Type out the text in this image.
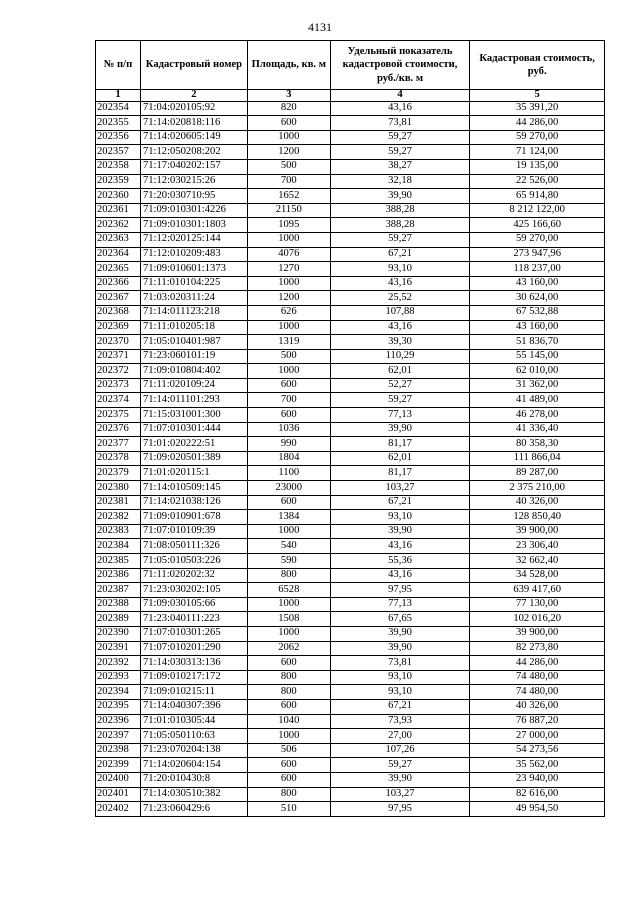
4131
№ п/п	Кадастровый номер	Площадь, кв. м	Удельный показатель кадастровой стоимости, руб./кв. м	Кадастровая стоимость, руб.
1	2	3	4	5
202354	71:04:020105:92	820	43,16	35 391,20
202355	71:14:020818:116	600	73,81	44 286,00
202356	71:14:020605:149	1000	59,27	59 270,00
202357	71:12:050208:202	1200	59,27	71 124,00
202358	71:17:040202:157	500	38,27	19 135,00
202359	71:12:030215:26	700	32,18	22 526,00
202360	71:20:030710:95	1652	39,90	65 914,80
202361	71:09:010301:4226	21150	388,28	8 212 122,00
202362	71:09:010301:1803	1095	388,28	425 166,60
202363	71:12:020125:144	1000	59,27	59 270,00
202364	71:12:010209:483	4076	67,21	273 947,96
202365	71:09:010601:1373	1270	93,10	118 237,00
202366	71:11:010104:225	1000	43,16	43 160,00
202367	71:03:020311:24	1200	25,52	30 624,00
202368	71:14:011123:218	626	107,88	67 532,88
202369	71:11:010205:18	1000	43,16	43 160,00
202370	71:05:010401:987	1319	39,30	51 836,70
202371	71:23:060101:19	500	110,29	55 145,00
202372	71:09:010804:402	1000	62,01	62 010,00
202373	71:11:020109:24	600	52,27	31 362,00
202374	71:14:011101:293	700	59,27	41 489,00
202375	71:15:031001:300	600	77,13	46 278,00
202376	71:07:010301:444	1036	39,90	41 336,40
202377	71:01:020222:51	990	81,17	80 358,30
202378	71:09:020501:389	1804	62,01	111 866,04
202379	71:01:020115:1	1100	81,17	89 287,00
202380	71:14:010509:145	23000	103,27	2 375 210,00
202381	71:14:021038:126	600	67,21	40 326,00
202382	71:09:010901:678	1384	93,10	128 850,40
202383	71:07:010109:39	1000	39,90	39 900,00
202384	71:08:050111:326	540	43,16	23 306,40
202385	71:05:010503:226	590	55,36	32 662,40
202386	71:11:020202:32	800	43,16	34 528,00
202387	71:23:030202:105	6528	97,95	639 417,60
202388	71:09:030105:66	1000	77,13	77 130,00
202389	71:23:040111:223	1508	67,65	102 016,20
202390	71:07:010301:265	1000	39,90	39 900,00
202391	71:07:010201:290	2062	39,90	82 273,80
202392	71:14:030313:136	600	73,81	44 286,00
202393	71:09:010217:172	800	93,10	74 480,00
202394	71:09:010215:11	800	93,10	74 480,00
202395	71:14:040307:396	600	67,21	40 326,00
202396	71:01:010305:44	1040	73,93	76 887,20
202397	71:05:050110:63	1000	27,00	27 000,00
202398	71:23:070204:138	506	107,26	54 273,56
202399	71:14:020604:154	600	59,27	35 562,00
202400	71:20:010430:8	600	39,90	23 940,00
202401	71:14:030510:382	800	103,27	82 616,00
202402	71:23:060429:6	510	97,95	49 954,50
